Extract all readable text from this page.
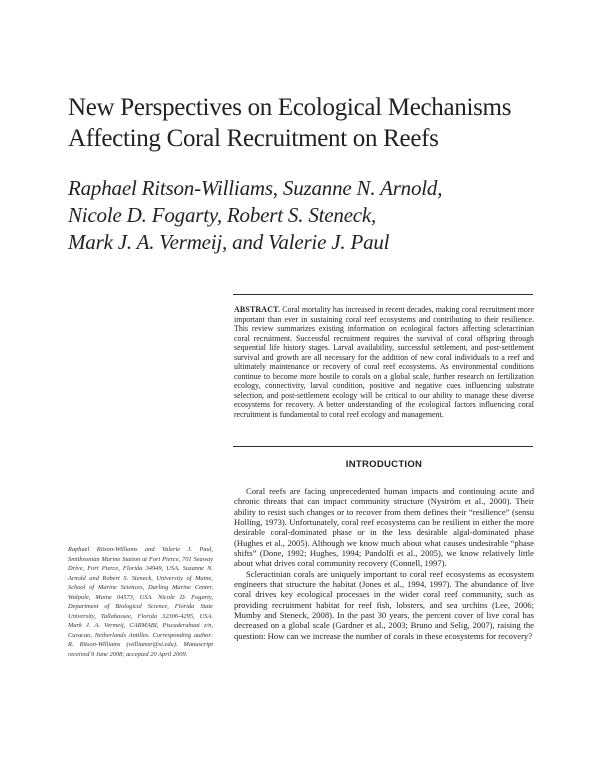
New Perspectives on Ecological Mechanisms Affecting Coral Recruitment on Reefs
Raphael Ritson-Williams, Suzanne N. Arnold,
Nicole D. Fogarty, Robert S. Steneck,
Mark J. A. Vermeij, and Valerie J. Paul
ABSTRACT. Coral mortality has increased in recent decades, making coral recruitment more important than ever in sustaining coral reef ecosystems and contributing to their resilience. This review summarizes existing information on ecological factors affecting scleractinian coral recruitment. Successful recruitment requires the survival of coral offspring through sequential life history stages. Larval availability, successful settlement, and post-settlement survival and growth are all necessary for the addition of new coral individuals to a reef and ultimately maintenance or recovery of coral reef ecosystems. As environmental conditions continue to become more hostile to corals on a global scale, further research on fertilization ecology, connectivity, larval condition, positive and negative cues influencing substrate selection, and post-settlement ecology will be critical to our ability to manage these diverse ecosystems for recovery. A better understanding of the ecological factors influencing coral recruitment is fundamental to coral reef ecology and management.
INTRODUCTION

Coral reefs are facing unprecedented human impacts and continuing acute and chronic threats that can impact community structure (Nyström et al., 2000). Their ability to resist such changes or to recover from them defines their “resilience” (sensu Holling, 1973). Unfortunately, coral reef ecosystems can be resilient in either the more desirable coral-dominated phase or in the less desirable algal-dominated phase (Hughes et al., 2005). Although we know much about what causes undesirable “phase shifts” (Done, 1992; Hughes, 1994; Pandolfi et al., 2005), we know relatively little about what drives coral community recovery (Connell, 1997).

Scleractinian corals are uniquely important to coral reef ecosystems as ecosystem engineers that structure the habitat (Jones et al., 1994, 1997). The abundance of live coral drives key ecological processes in the wider coral reef community, such as providing recruitment habitat for reef fish, lobsters, and sea urchins (Lee, 2006; Mumby and Steneck, 2008). In the past 30 years, the percent cover of live coral has decreased on a global scale (Gardner et al., 2003; Bruno and Selig, 2007), raising the question: How can we increase the number of corals in these ecosystems for recovery?

Raphael Ritson-Williams and Valerie J. Paul, Smithsonian Marine Station at Fort Pierce, 701 Seaway Drive, Fort Pierce, Florida 34949, USA. Suzanne N. Arnold and Robert S. Steneck, University of Maine, School of Marine Sciences, Darling Marine Center, Walpole, Maine 04573, USA. Nicole D. Fogarty, Department of Biological Science, Florida State University, Tallahassee, Florida 32306-4295, USA. Mark J. A. Vermeij, CARMABI, Piscaderabaai z/n, Curacao, Netherlands Antilles. Corresponding author: R. Ritson-Williams (williamsr@si.edu). Manuscript received 9 June 2008; accepted 20 April 2009.
